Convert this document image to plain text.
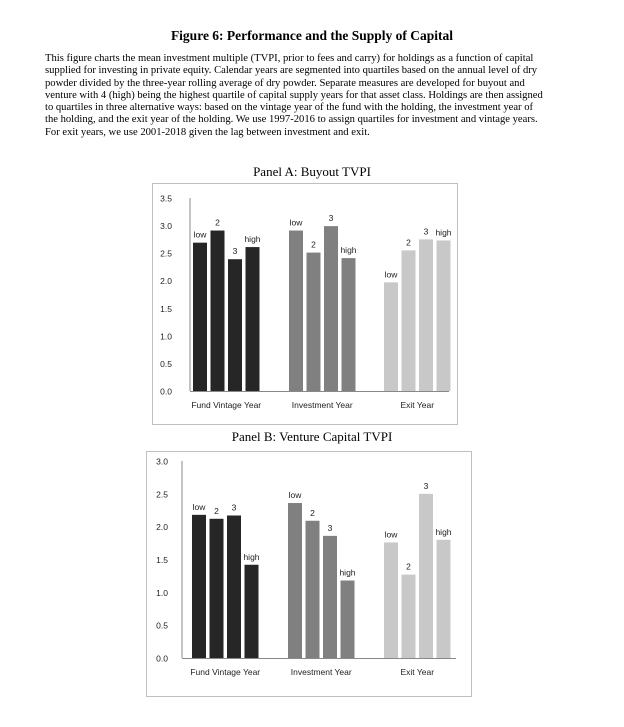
Figure 6: Performance and the Supply of Capital
This figure charts the mean investment multiple (TVPI, prior to fees and carry) for holdings as a function of capital
supplied for investing in private equity. Calendar years are segmented into quartiles based on the annual level of dry
powder divided by the three-year rolling average of dry powder. Separate measures are developed for buyout and
venture with 4 (high) being the highest quartile of capital supply years for that asset class. Holdings are then assigned
to quartiles in three alternative ways: based on the vintage year of the fund with the holding, the investment year of
the holding, and the exit year of the holding. We use 1997-2016 to assign quartiles for investment and vintage years.
For exit years, we use 2001-2018 given the lag between investment and exit.
Panel A: Buyout TVPI
0.0
0.5
1.0
1.5
2.0
2.5
3.0
3.5
low
2
3
high
Fund Vintage Year
low
2
3
high
Investment Year
low
2
3 high
Exit Year
Panel B: Venture Capital TVPI
0.0
0.5
1.0
1.5
2.0
2.5
3.0
low 2 3
high
Fund Vintage Year
low
2
3
high
Investment Year
low
2
3
high
Exit Year
